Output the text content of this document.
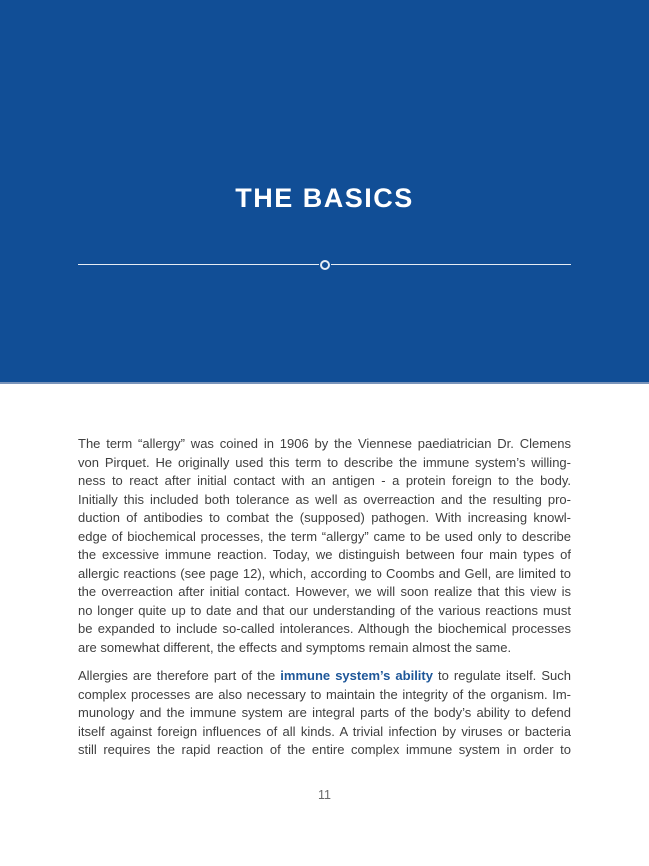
THE BASICS
The term “allergy” was coined in 1906 by the Viennese paediatrician Dr. Clemens
von Pirquet. He originally used this term to describe the immune system’s willing-
ness to react after initial contact with an antigen - a protein foreign to the body.
Initially this included both tolerance as well as overreaction and the resulting pro-
duction of antibodies to combat the (supposed) pathogen. With increasing knowl-
edge of biochemical processes, the term “allergy” came to be used only to describe
the excessive immune reaction. Today, we distinguish between four main types of
allergic reactions (see page 12), which, according to Coombs and Gell, are limited to
the overreaction after initial contact. However, we will soon realize that this view is
no longer quite up to date and that our understanding of the various reactions must
be expanded to include so-called intolerances. Although the biochemical processes
are somewhat different, the effects and symptoms remain almost the same.
Allergies are therefore part of the immune system’s ability to regulate itself. Such
complex processes are also necessary to maintain the integrity of the organism. Im-
munology and the immune system are integral parts of the body’s ability to defend
itself against foreign influences of all kinds. A trivial infection by viruses or bacteria
still requires the rapid reaction of the entire complex immune system in order to
11
